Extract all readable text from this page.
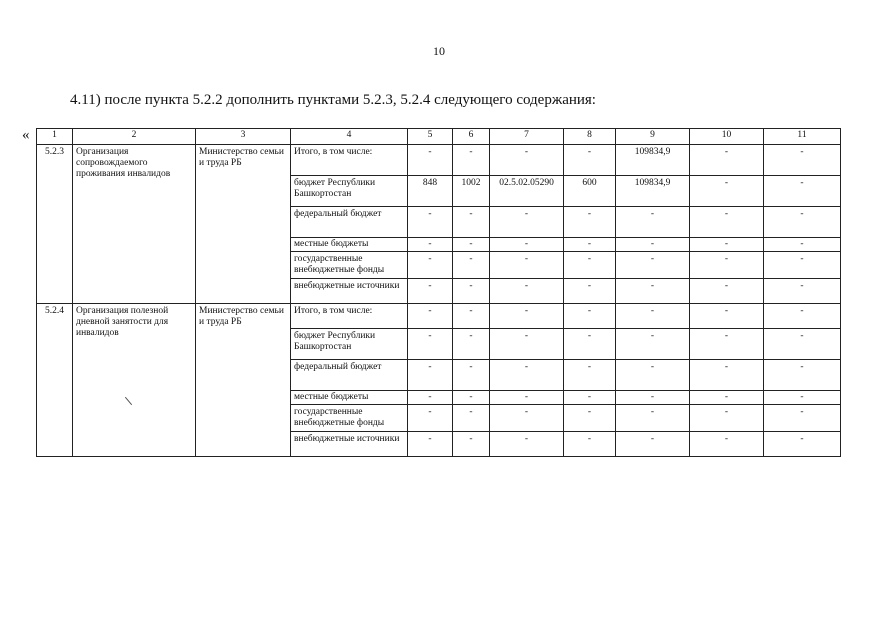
10
4.11) после пункта 5.2.2 дополнить пунктами 5.2.3, 5.2.4 следующего содержания:
« 1	2	3	4	5	6	7	8	9	10	11
5.2.3	Организация сопровождаемого проживания инвалидов	Министерство семьи и труда РБ	Итого, в том числе:	-	-	-	-	109834,9	-	-
			бюджет Республики Башкортостан	848	1002	02.5.02.05290	600	109834,9	-	-
			федеральный бюджет	-	-	-	-	-	-	-
			местные бюджеты	-	-	-	-	-	-	-
			государственные внебюджетные фонды	-	-	-	-	-	-	-
			внебюджетные источники	-	-	-	-	-	-	-
5.2.4	Организация полезной дневной занятости для инвалидов	Министерство семьи и труда РБ	Итого, в том числе:	-	-	-	-	-	-	-
			бюджет Республики Башкортостан	-	-	-	-	-	-	-
			федеральный бюджет	-	-	-	-	-	-	-
			местные бюджеты	-	-	-	-	-	-	-
			государственные внебюджетные фонды	-	-	-	-	-	-	-
			внебюджетные источники	-	-	-	-	-	-	-
